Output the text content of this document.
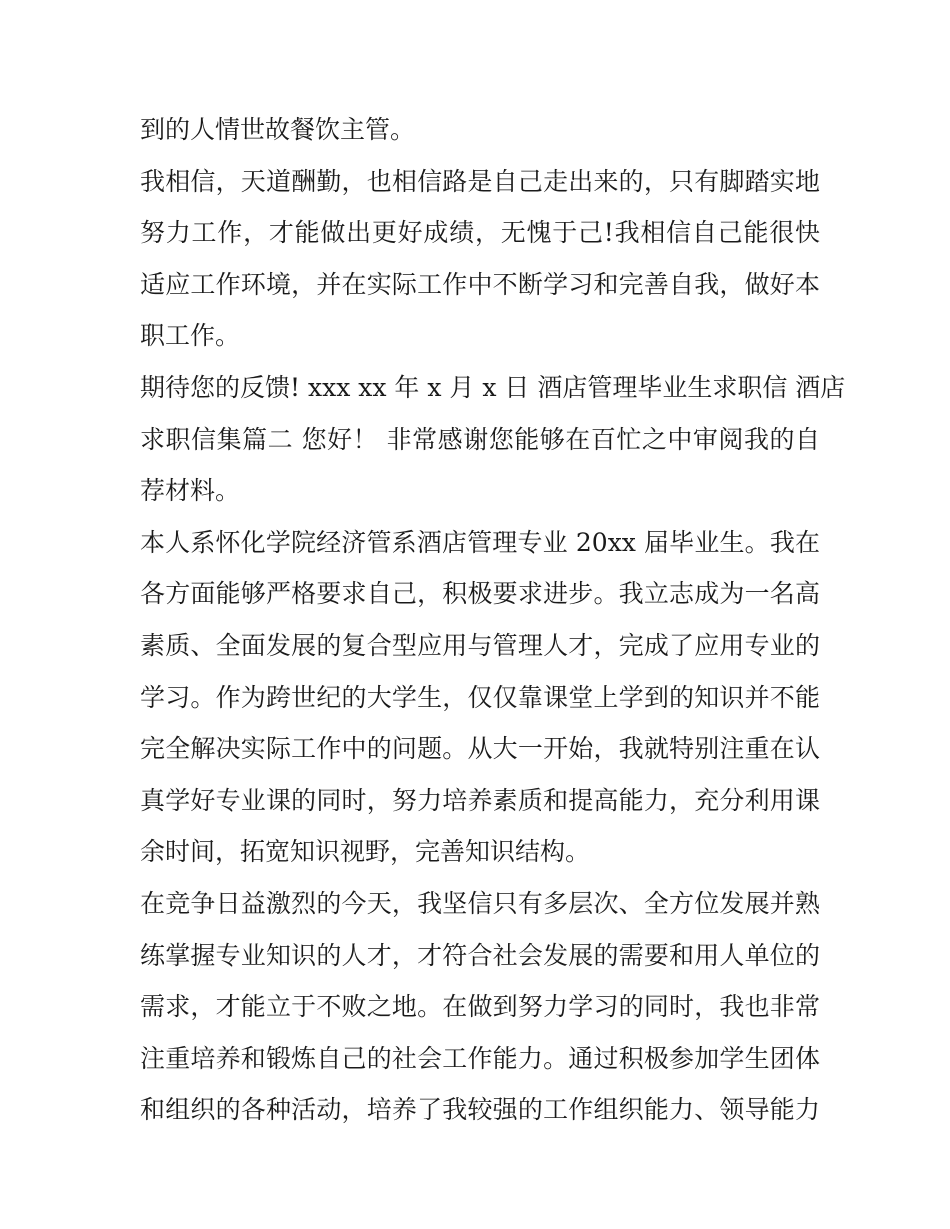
到的人情世故餐饮主管。
我相信，天道酬勤，也相信路是自己走出来的，只有脚踏实地
努力工作，才能做出更好成绩，无愧于己!我相信自己能很快
适应工作环境，并在实际工作中不断学习和完善自我，做好本
职工作。
期待您的反馈! xxx xx 年 x 月 x 日 酒店管理毕业生求职信 酒店
求职信集篇二 您好！ 非常感谢您能够在百忙之中审阅我的自
荐材料。
本人系怀化学院经济管系酒店管理专业 20xx 届毕业生。我在
各方面能够严格要求自己，积极要求进步。我立志成为一名高
素质、全面发展的复合型应用与管理人才，完成了应用专业的
学习。作为跨世纪的大学生，仅仅靠课堂上学到的知识并不能
完全解决实际工作中的问题。从大一开始，我就特别注重在认
真学好专业课的同时，努力培养素质和提高能力，充分利用课
余时间，拓宽知识视野，完善知识结构。
在竞争日益激烈的今天，我坚信只有多层次、全方位发展并熟
练掌握专业知识的人才，才符合社会发展的需要和用人单位的
需求，才能立于不败之地。在做到努力学习的同时，我也非常
注重培养和锻炼自己的社会工作能力。通过积极参加学生团体
和组织的各种活动，培养了我较强的工作组织能力、领导能力
